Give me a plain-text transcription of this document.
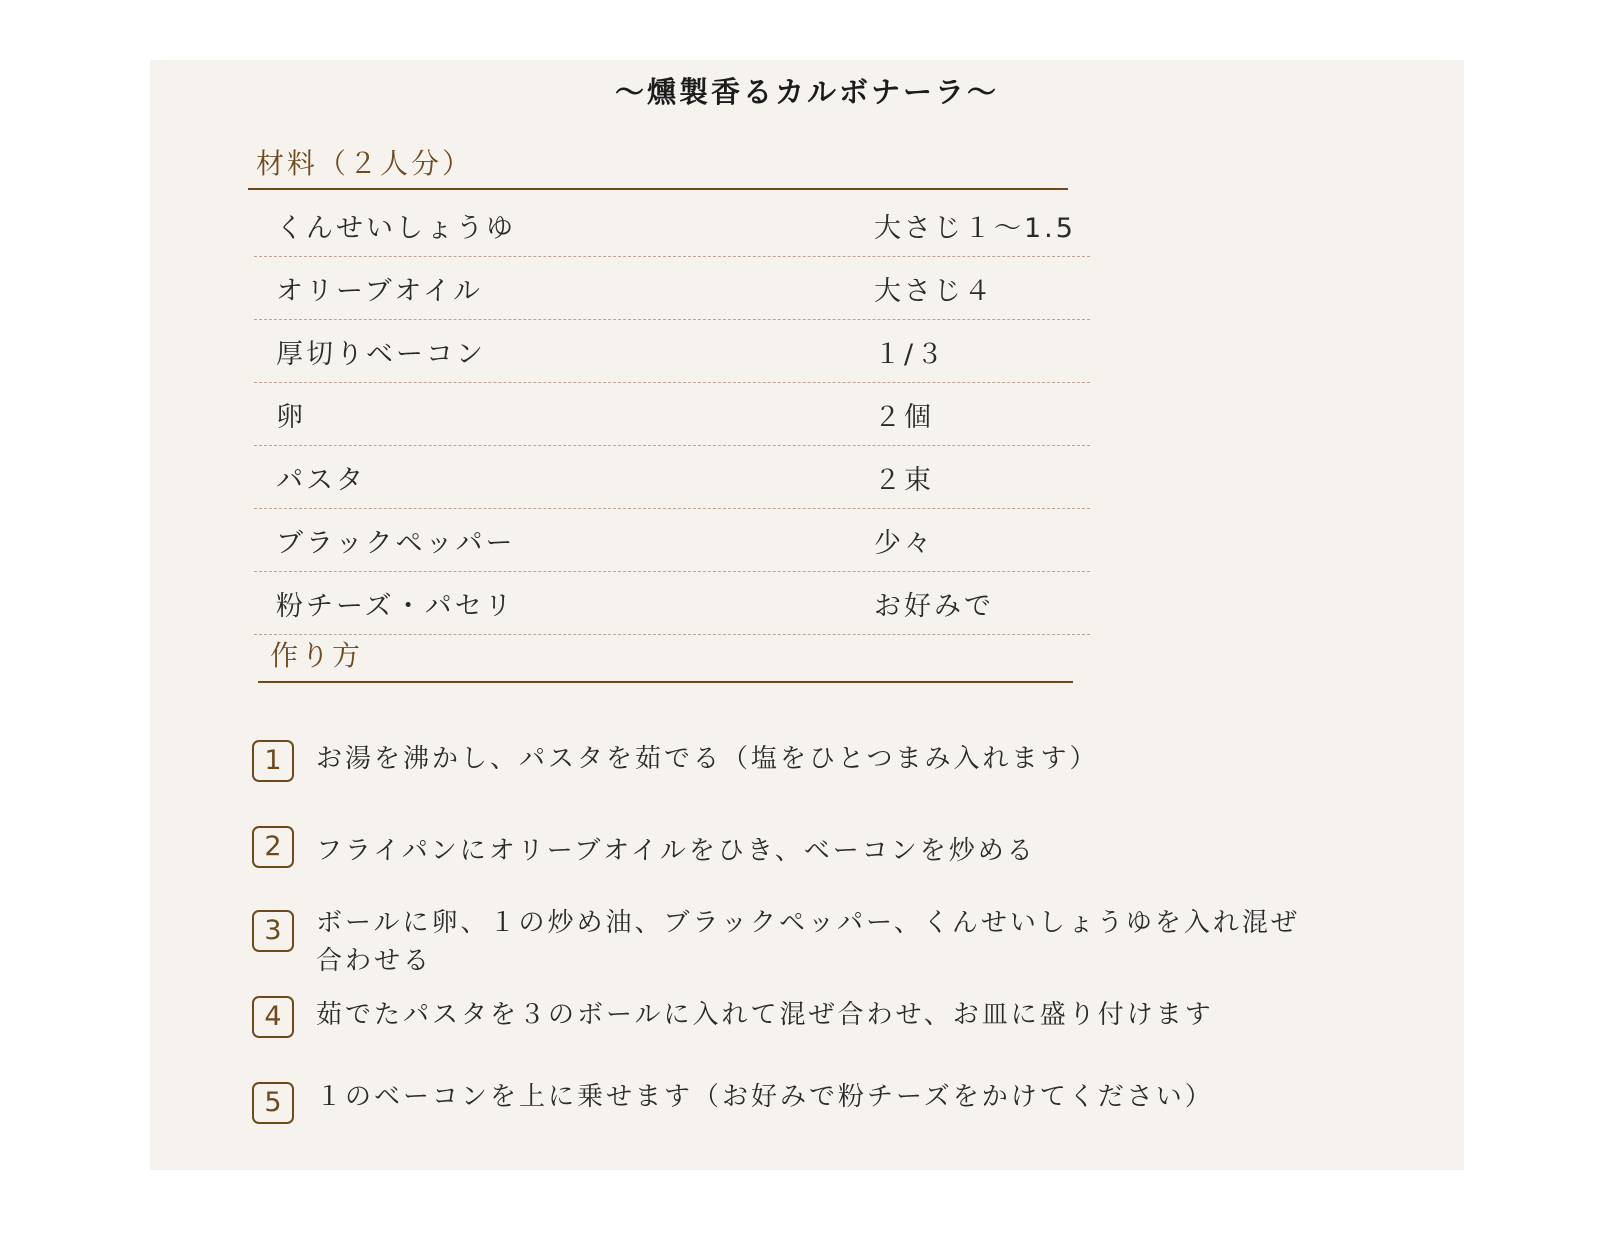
～燻製香るカルボナーラ～
材料（２人分）
くんせいしょうゆ	大さじ１～1.5
オリーブオイル	大さじ４
厚切りベーコン	１/３
卵	２個
パスタ	２束
ブラックペッパー	少々
粉チーズ・パセリ	お好みで
作り方
1	お湯を沸かし、パスタを茹でる（塩をひとつまみ入れます）
2	フライパンにオリーブオイルをひき、ベーコンを炒める
3	ボールに卵、１の炒め油、ブラックペッパー、くんせいしょうゆを入れ混ぜ合わせる
4	茹でたパスタを３のボールに入れて混ぜ合わせ、お皿に盛り付けます
5	１のベーコンを上に乗せます（お好みで粉チーズをかけてください）
